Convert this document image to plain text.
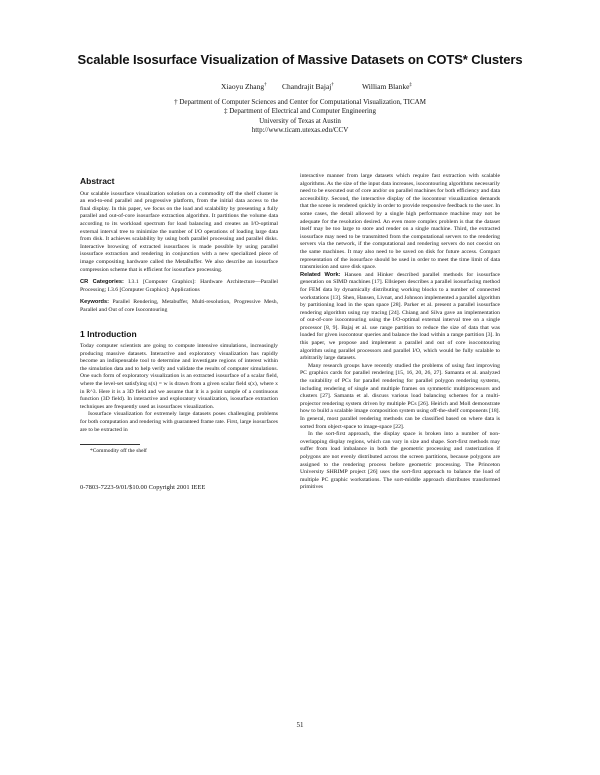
Scalable Isosurface Visualization of Massive Datasets on COTS* Clusters
Xiaoyu Zhang† Chandrajit Bajaj†	William Blanke‡
† Department of Computer Sciences and Center for Computational Visualization, TICAM
‡ Department of Electrical and Computer Engineering
University of Texas at Austin
http://www.ticam.utexas.edu/CCV
Abstract

Our scalable isosurface visualization solution on a commodity off the shelf cluster is an end-to-end parallel and progressive platform, from the initial data access to the final display. In this paper, we focus on the load and scalability by presenting a fully parallel and out-of-core isosurface extraction algorithm. It partitions the volume data according to its workload spectrum for load balancing and creates an I/O-optimal external interval tree to minimize the number of I/O operations of loading large data from disk. It achieves scalability by using both parallel processing and parallel disks. Interactive browsing of extracted isosurfaces is made possible by using parallel isosurface extraction and rendering in conjunction with a new specialized piece of image compositing hardware called the MetaBuffer. We also describe an isosurface compression scheme that is efficient for isosurface processing.

CR Categories: I.3.1 [Computer Graphics]: Hardware Architecture—Parallel Processing; I.3.6 [Computer Graphics]: Applications

Keywords: Parallel Rendering, Metabuffer, Multi-resolution, Progressive Mesh, Parallel and Out of core Isocontouring

1 Introduction

Today computer scientists are going to compute intensive simulations, increasingly producing massive datasets. Interactive and exploratory visualization has rapidly become an indispensable tool to determine and investigate regions of interest within the simulation data and to help verify and validate the results of computer simulations. One such form of exploratory visualization is an extracted isosurface of a scalar field, where the level-set satisfying s(x) = w is drawn from a given scalar field s(x), where x in R^3. Here it is a 3D field and we assume that it is a point sample of a continuous function (3D field). In interactive and exploratory visualization, isosurface extraction techniques are frequently used as isosurfaces visualization.

Isosurface visualization for extremely large datasets poses challenging problems for both computation and rendering with guaranteed frame rate. First, large isosurfaces are to be extracted in

*Commodity off the shelf
0-7803-7223-9/01/$10.00 Copyright 2001 IEEE

interactive manner from large datasets which require fast extraction with scalable algorithms. As the size of the input data increases, isocontouring algorithms necessarily need to be executed out of core and/or on parallel machines for both efficiency and data accessibility. Second, the interactive display of the isocontour visualization demands that the scene is rendered quickly in order to provide responsive feedback to the user. In some cases, the detail allowed by a single high performance machine may not be adequate for the resolution desired. An even more complex problem is that the dataset itself may be too large to store and render on a single machine. Third, the extracted isosurface may need to be transmitted from the computational servers to the rendering servers via the network, if the computational and rendering servers do not coexist on the same machines. It may also need to be saved on disk for future access. Compact representation of the isosurface should be used in order to meet the time limit of data transmission and save disk space.

Related Work: Hansen and Hinker described parallel methods for isosurface generation on SIMD machines [17]. Ellsiepen describes a parallel isosurfacing method for FEM data by dynamically distributing working blocks to a number of connected workstations [13]. Shen, Hansen, Livnat, and Johnson implemented a parallel algorithm by partitioning load in the span space [28]. Parker et al. present a parallel isosurface rendering algorithm using ray tracing [24]. Chiang and Silva gave an implementation of out-of-core isocontouring using the I/O-optimal external interval tree on a single processor [8, 9]. Bajaj et al. use range partition to reduce the size of data that was loaded for given isocontour queries and balance the load within a range partition [3]. In this paper, we propose and implement a parallel and out of core isocontouring algorithm using parallel processors and parallel I/O, which would be fully scalable to arbitrarily large datasets.

Many research groups have recently studied the problems of using fast improving PC graphics cards for parallel rendering [15, 16, 20, 26, 27]. Samanta et al. analyzed the suitability of PCs for parallel rendering for parallel polygon rendering systems, including rendering of single and multiple frames on symmetric multiprocessors and clusters [27]. Samanta et al. discuss various load balancing schemes for a multi-projector rendering system driven by multiple PCs [26]. Heirich and Moll demonstrate how to build a scalable image composition system using off-the-shelf components [18]. In general, most parallel rendering methods can be classified based on where data is sorted from object-space to image-space [22].

In the sort-first approach, the display space is broken into a number of non-overlapping display regions, which can vary in size and shape. Sort-first methods may suffer from load imbalance in both the geometric processing and rasterization if polygons are not evenly distributed across the screen partitions, because polygons are assigned to the rendering process before geometric processing. The Princeton University SHRIMP project [26] uses the sort-first approach to balance the load of multiple PC graphic workstations. The sort-middle approach distributes transformed primitives

51
